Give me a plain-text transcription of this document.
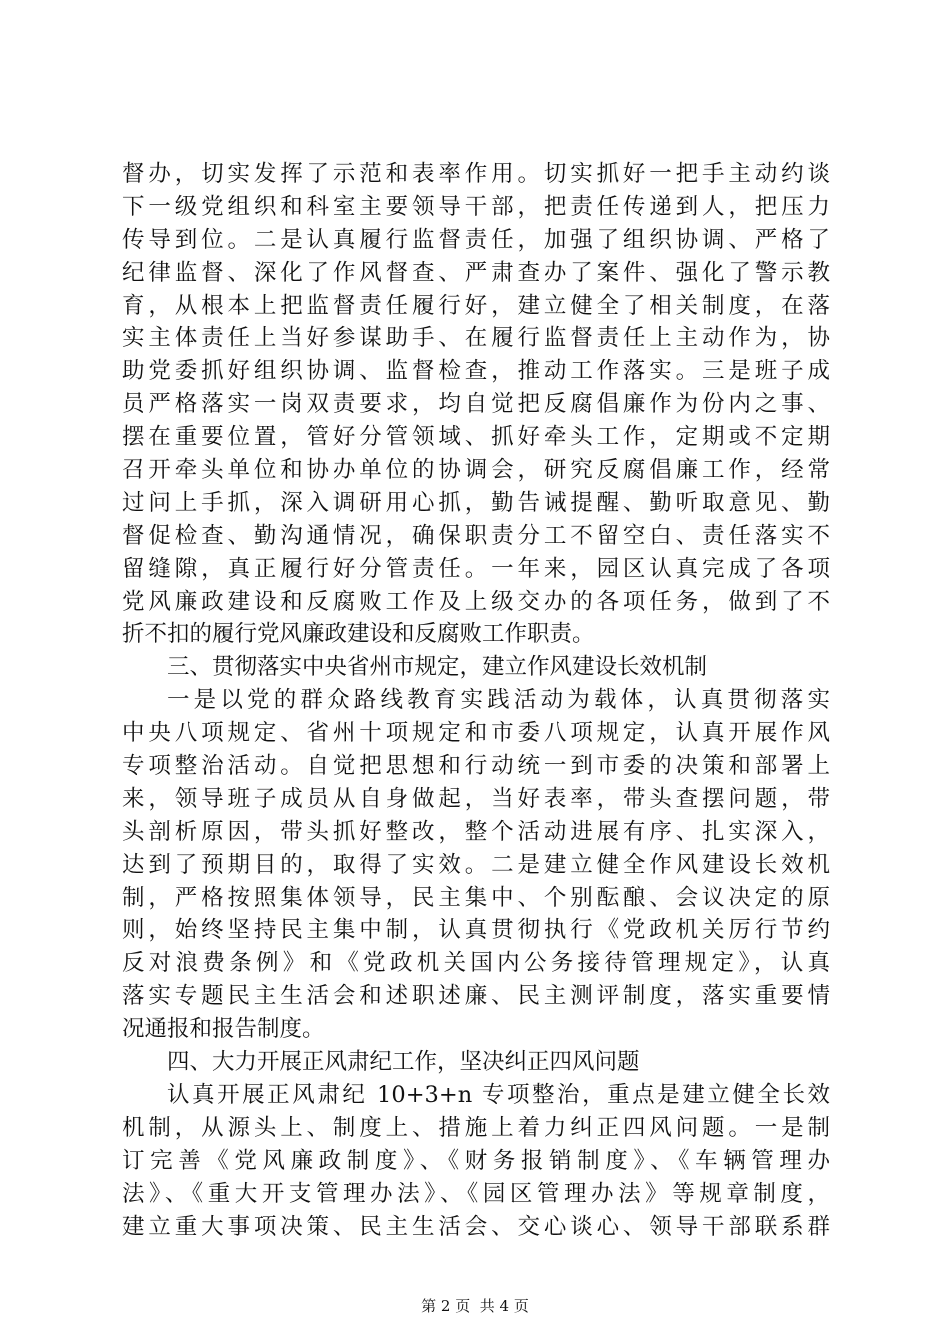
督办，切实发挥了示范和表率作用。切实抓好一把手主动约谈
下一级党组织和科室主要领导干部，把责任传递到人，把压力
传导到位。二是认真履行监督责任，加强了组织协调、严格了
纪律监督、深化了作风督查、严肃查办了案件、强化了警示教
育，从根本上把监督责任履行好，建立健全了相关制度，在落
实主体责任上当好参谋助手、在履行监督责任上主动作为，协
助党委抓好组织协调、监督检查，推动工作落实。三是班子成
员严格落实一岗双责要求，均自觉把反腐倡廉作为份内之事、
摆在重要位置，管好分管领域、抓好牵头工作，定期或不定期
召开牵头单位和协办单位的协调会，研究反腐倡廉工作，经常
过问上手抓，深入调研用心抓，勤告诫提醒、勤听取意见、勤
督促检查、勤沟通情况，确保职责分工不留空白、责任落实不
留缝隙，真正履行好分管责任。一年来，园区认真完成了各项
党风廉政建设和反腐败工作及上级交办的各项任务，做到了不
折不扣的履行党风廉政建设和反腐败工作职责。
三、贯彻落实中央省州市规定，建立作风建设长效机制
一是以党的群众路线教育实践活动为载体，认真贯彻落实
中央八项规定、省州十项规定和市委八项规定，认真开展作风
专项整治活动。自觉把思想和行动统一到市委的决策和部署上
来，领导班子成员从自身做起，当好表率，带头查摆问题，带
头剖析原因，带头抓好整改，整个活动进展有序、扎实深入，
达到了预期目的，取得了实效。二是建立健全作风建设长效机
制，严格按照集体领导，民主集中、个别酝酿、会议决定的原
则，始终坚持民主集中制，认真贯彻执行《党政机关厉行节约
反对浪费条例》和《党政机关国内公务接待管理规定》，认真
落实专题民主生活会和述职述廉、民主测评制度，落实重要情
况通报和报告制度。
四、大力开展正风肃纪工作，坚决纠正四风问题
认真开展正风肃纪 10+3+n 专项整治，重点是建立健全长效
机制，从源头上、制度上、措施上着力纠正四风问题。一是制
订完善《党风廉政制度》、《财务报销制度》、《车辆管理办
法》、《重大开支管理办法》、《园区管理办法》等规章制度，
建立重大事项决策、民主生活会、交心谈心、领导干部联系群
第 2 页  共 4 页
